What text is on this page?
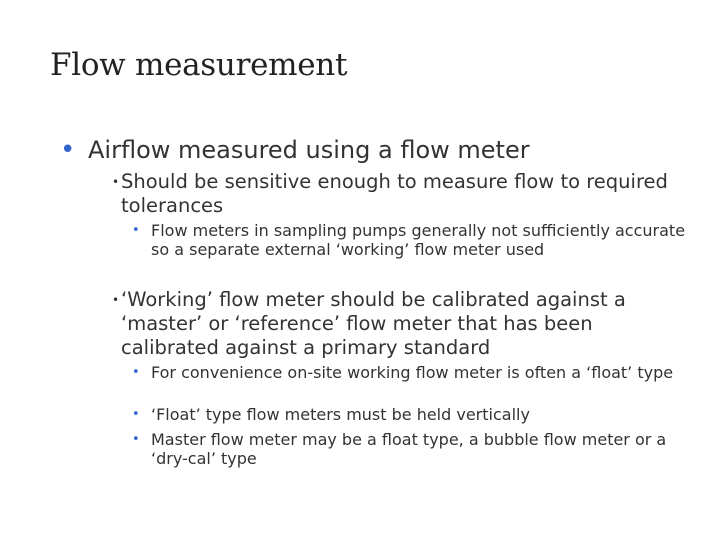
Flow measurement
• Airflow measured using a flow meter
• Should be sensitive enough to measure flow to required tolerances
• Flow meters in sampling pumps generally not sufficiently accurate so a separate external ‘working’ flow meter used
• ‘Working’ flow meter should be calibrated against a ‘master’ or ‘reference’ flow meter that has been calibrated against a primary standard
• For convenience on-site working flow meter is often a ‘float’ type
• ‘Float’ type flow meters must be held vertically
• Master flow meter may be a float type, a bubble flow meter or a ‘dry-cal’ type
